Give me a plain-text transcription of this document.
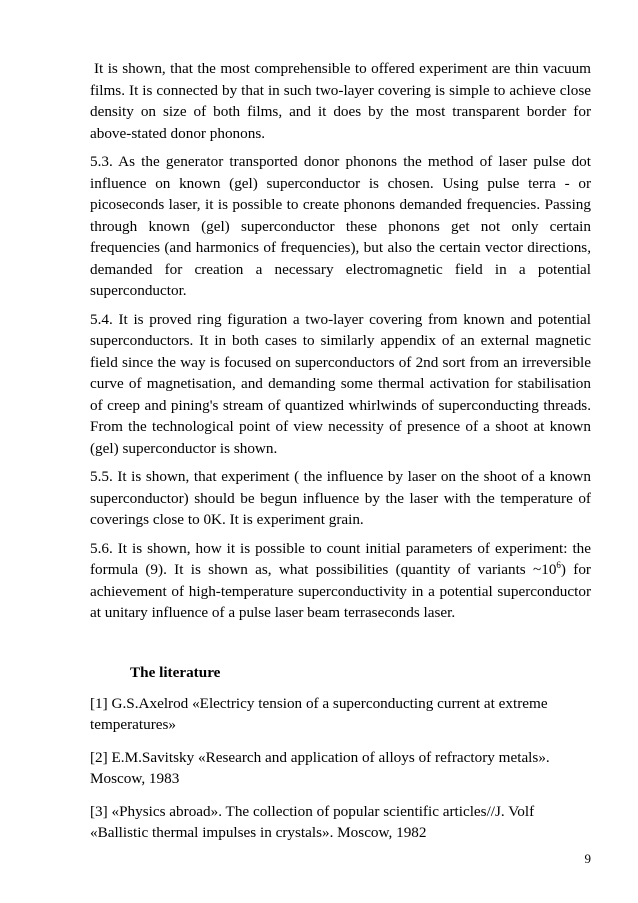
It is shown, that the most comprehensible to offered experiment are thin vacuum films. It is connected by that in such two-layer covering is simple to achieve close density on size of both films, and it does by the most transparent border for above-stated donor phonons.

5.3. As the generator transported donor phonons the method of laser pulse dot influence on known (gel) superconductor is chosen. Using pulse terra - or picoseconds laser, it is possible to create phonons demanded frequencies. Passing through known (gel) superconductor these phonons get not only certain frequencies (and harmonics of frequencies), but also the certain vector directions, demanded for creation a necessary electromagnetic field in a potential superconductor.

5.4. It is proved ring figuration a two-layer covering from known and potential superconductors. It in both cases to similarly appendix of an external magnetic field since the way is focused on superconductors of 2nd sort from an irreversible curve of magnetisation, and demanding some thermal activation for stabilisation of creep and pining's stream of quantized whirlwinds of superconducting threads. From the technological point of view necessity of presence of a shoot at known (gel) superconductor is shown.

5.5. It is shown, that experiment ( the influence by laser on the shoot of a known superconductor) should be begun influence by the laser with the temperature of coverings close to 0K. It is experiment grain.

5.6. It is shown, how it is possible to count initial parameters of experiment: the formula (9). It is shown as, what possibilities (quantity of variants $\sim 10^6$) for achievement of high-temperature superconductivity in a potential superconductor at unitary influence of a pulse laser beam terraseconds laser.

The literature

[1] G.S.Axelrod «Electricy tension of a superconducting current at extreme temperatures»

[2] E.M.Savitsky «Research and application of alloys of refractory metals». Moscow, 1983

[3] «Physics abroad». The collection of popular scientific articles//J. Volf «Ballistic thermal impulses in crystals». Moscow, 1982

9
